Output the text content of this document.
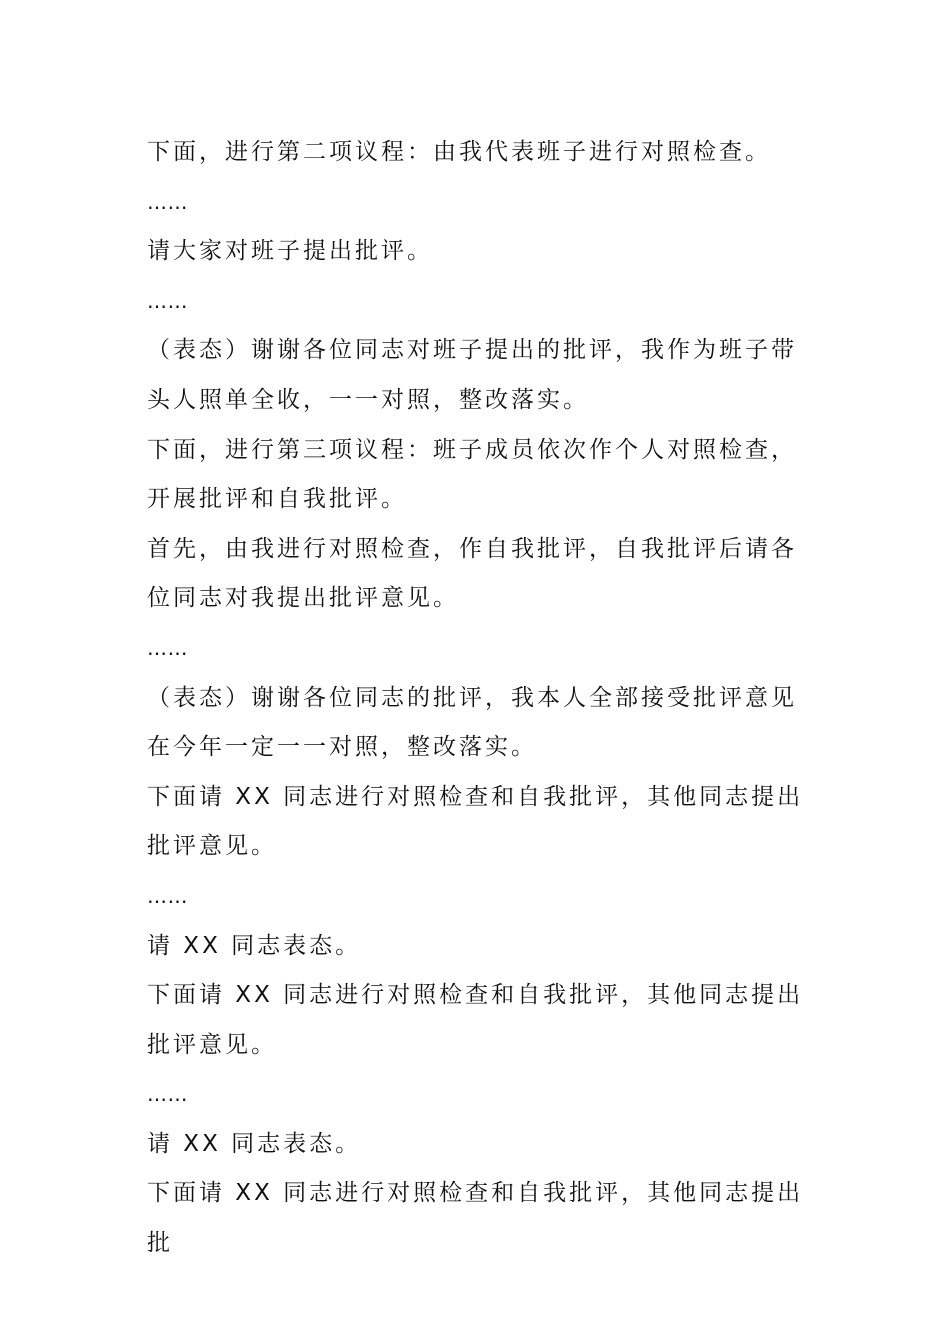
下面，进行第二项议程：由我代表班子进行对照检查。

……

请大家对班子提出批评。

……

（表态）谢谢各位同志对班子提出的批评，我作为班子带头人照单全收，一一对照，整改落实。

下面，进行第三项议程：班子成员依次作个人对照检查，开展批评和自我批评。

首先，由我进行对照检查，作自我批评，自我批评后请各位同志对我提出批评意见。

……

（表态）谢谢各位同志的批评，我本人全部接受批评意见在今年一定一一对照，整改落实。

下面请 XX 同志进行对照检查和自我批评，其他同志提出批评意见。

……

请 XX 同志表态。

下面请 XX 同志进行对照检查和自我批评，其他同志提出批评意见。

……

请 XX 同志表态。

下面请 XX 同志进行对照检查和自我批评，其他同志提出批
